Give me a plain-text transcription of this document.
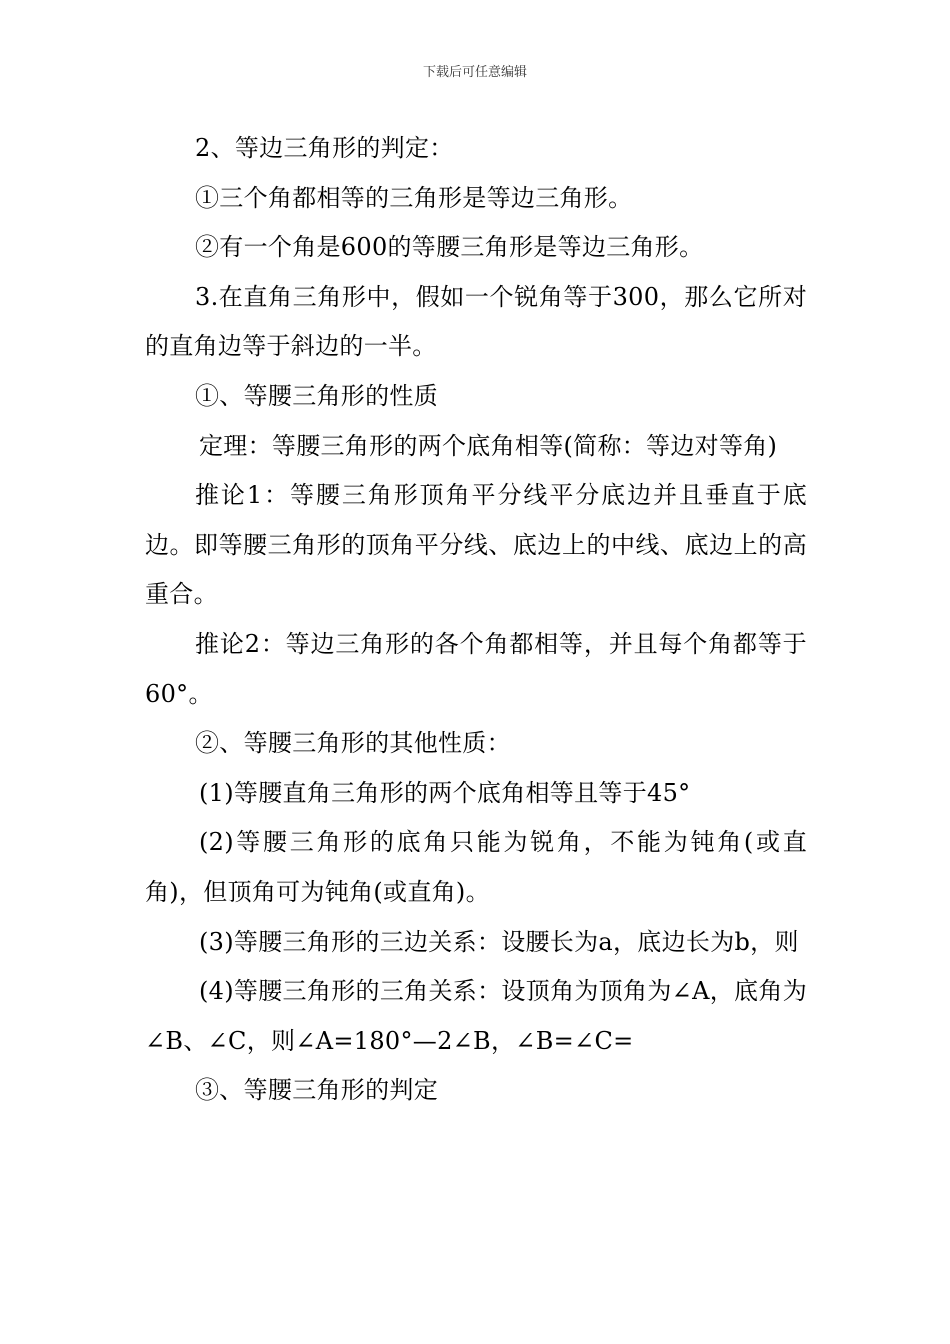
下载后可任意编辑

2、等边三角形的判定：

①三个角都相等的三角形是等边三角形。

②有一个角是600的等腰三角形是等边三角形。

3.在直角三角形中，假如一个锐角等于300，那么它所对的直角边等于斜边的一半。

①、等腰三角形的性质

定理：等腰三角形的两个底角相等(简称：等边对等角)

推论1：等腰三角形顶角平分线平分底边并且垂直于底边。即等腰三角形的顶角平分线、底边上的中线、底边上的高重合。

推论2：等边三角形的各个角都相等，并且每个角都等于60°。

②、等腰三角形的其他性质：

(1)等腰直角三角形的两个底角相等且等于45°

(2)等腰三角形的底角只能为锐角，不能为钝角(或直角)，但顶角可为钝角(或直角)。

(3)等腰三角形的三边关系：设腰长为a，底边长为b，则

(4)等腰三角形的三角关系：设顶角为顶角为∠A，底角为∠B、∠C，则∠A=180°—2∠B，∠B=∠C=

③、等腰三角形的判定
